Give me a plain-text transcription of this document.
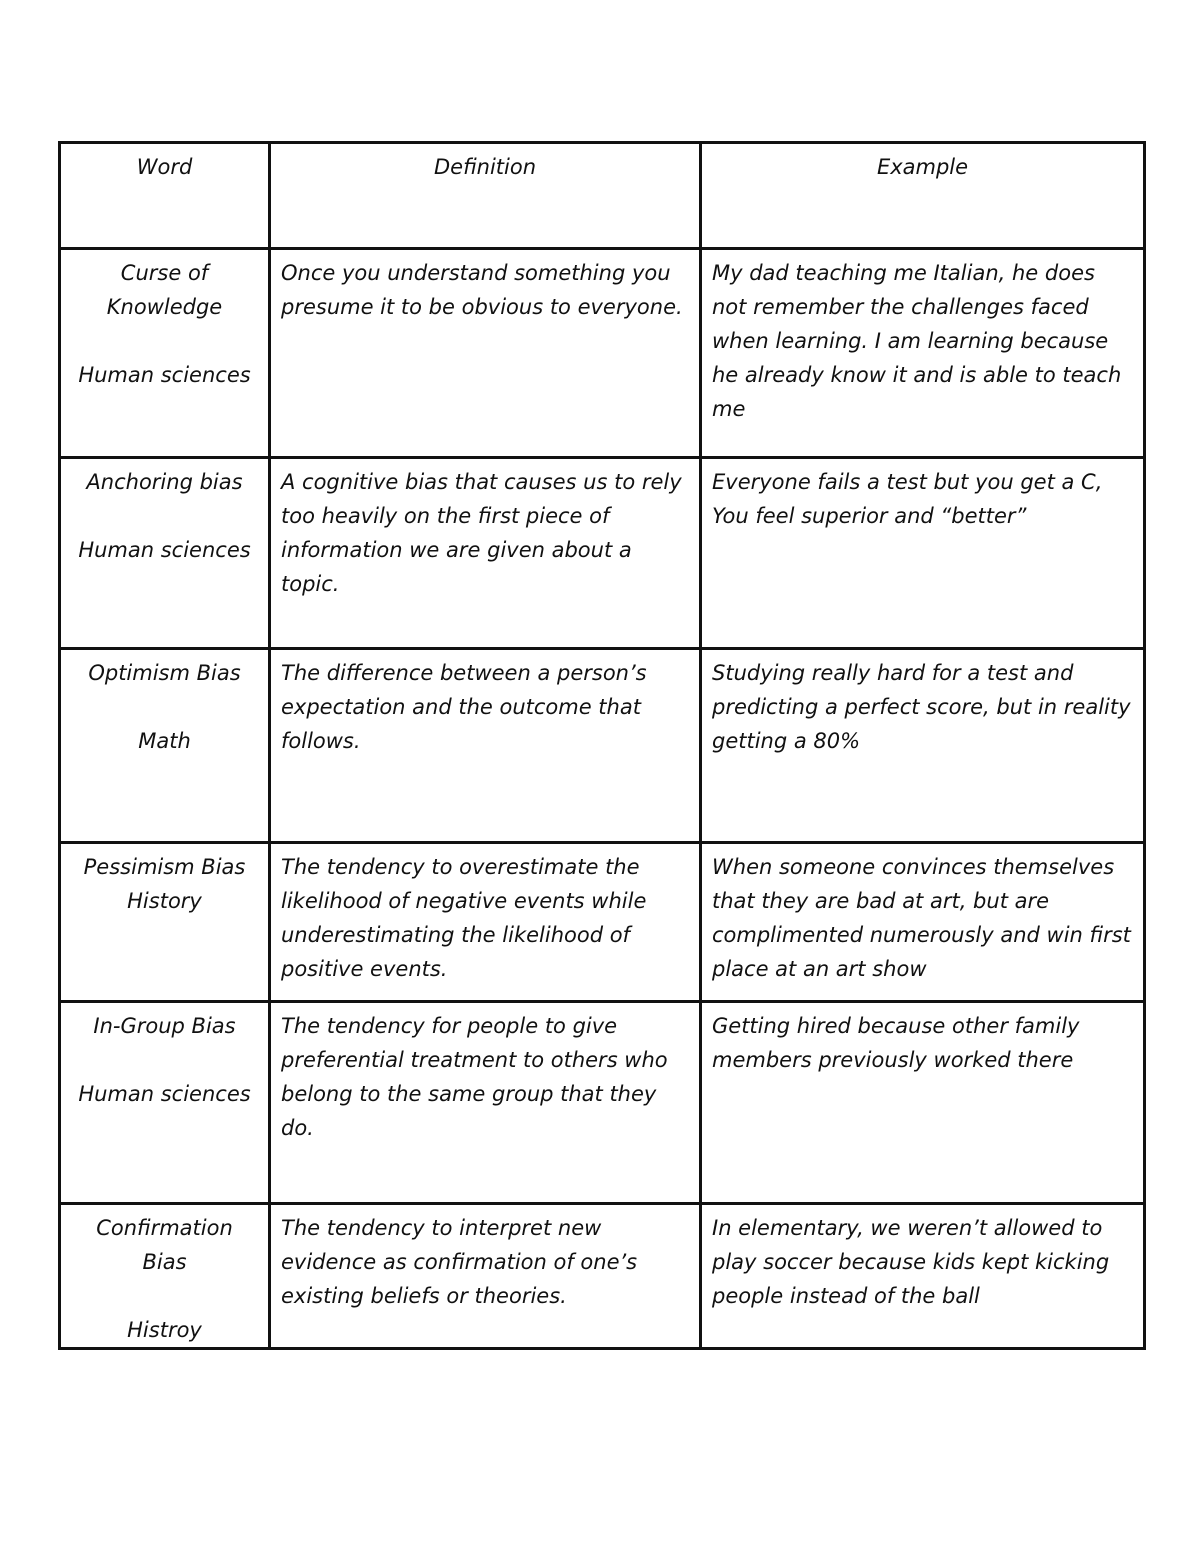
Word	Definition	Example

Curse of
Knowledge
Human sciences	Once you understand something you presume it to be obvious to everyone.	My dad teaching me Italian, he does not remember the challenges faced when learning. I am learning because he already know it and is able to teach me

Anchoring bias
Human sciences	A cognitive bias that causes us to rely too heavily on the first piece of information we are given about a topic.	Everyone fails a test but you get a C, You feel superior and “better”

Optimism Bias
Math	The difference between a person’s expectation and the outcome that follows.	Studying really hard for a test and predicting a perfect score, but in reality getting a 80%

Pessimism Bias
History	The tendency to overestimate the likelihood of negative events while underestimating the likelihood of positive events.	When someone convinces themselves that they are bad at art, but are complimented numerously and win first place at an art show

In-Group Bias
Human sciences	The tendency for people to give preferential treatment to others who belong to the same group that they do.	Getting hired because other family members previously worked there

Confirmation
Bias
Histroy	The tendency to interpret new evidence as confirmation of one’s existing beliefs or theories.	In elementary, we weren’t allowed to play soccer because kids kept kicking people instead of the ball
